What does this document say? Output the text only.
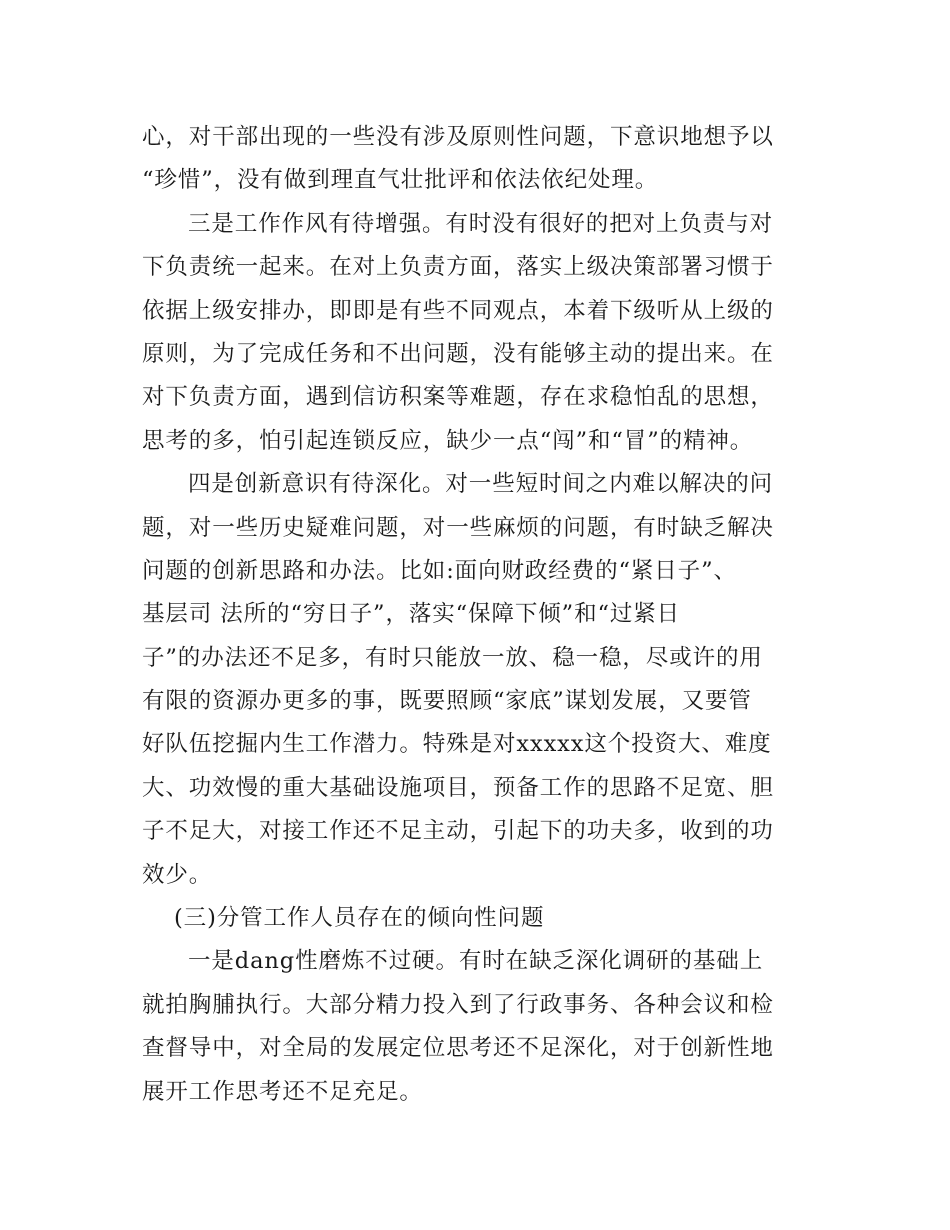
心，对干部出现的一些没有涉及原则性问题，下意识地想予以
“珍惜”，没有做到理直气壮批评和依法依纪处理。
三是工作作风有待增强。有时没有很好的把对上负责与对
下负责统一起来。在对上负责方面，落实上级决策部署习惯于
依据上级安排办，即即是有些不同观点，本着下级听从上级的
原则，为了完成任务和不出问题，没有能够主动的提出来。在
对下负责方面，遇到信访积案等难题，存在求稳怕乱的思想，
思考的多，怕引起连锁反应，缺少一点“闯”和“冒”的精神。
四是创新意识有待深化。对一些短时间之内难以解决的问
题，对一些历史疑难问题，对一些麻烦的问题，有时缺乏解决
问题的创新思路和办法。比如:面向财政经费的“紧日子”、
基层司 法所的“穷日子”，落实“保障下倾”和“过紧日
子”的办法还不足多，有时只能放一放、稳一稳，尽或许的用
有限的资源办更多的事，既要照顾“家底”谋划发展，又要管
好队伍挖掘内生工作潜力。特殊是对xxxxx这个投资大、难度
大、功效慢的重大基础设施项目，预备工作的思路不足宽、胆
子不足大，对接工作还不足主动，引起下的功夫多，收到的功
效少。
(三)分管工作人员存在的倾向性问题
一是dang性磨炼不过硬。有时在缺乏深化调研的基础上
就拍胸脯执行。大部分精力投入到了行政事务、各种会议和检
查督导中，对全局的发展定位思考还不足深化，对于创新性地
展开工作思考还不足充足。
